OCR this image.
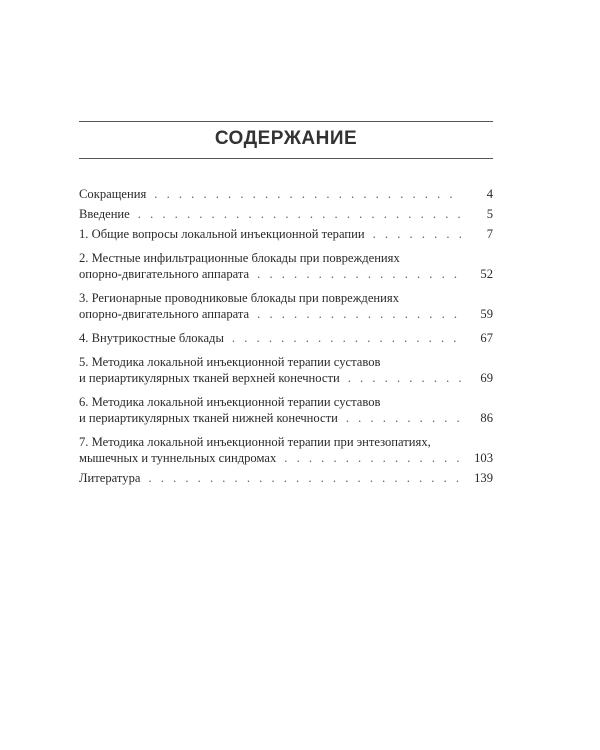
СОДЕРЖАНИЕ
Сокращения . . .	4
Введение . . .	5
1. Общие вопросы локальной инъекционной терапии . . .	7
2. Местные инфильтрационные блокады при повреждениях
опорно-двигательного аппарата . . .	52
3. Регионарные проводниковые блокады при повреждениях
опорно-двигательного аппарата . . .	59
4. Внутрикостные блокады . . .	67
5. Методика локальной инъекционной терапии суставов
и периартикулярных тканей верхней конечности . . .	69
6. Методика локальной инъекционной терапии суставов
и периартикулярных тканей нижней конечности . . .	86
7. Методика локальной инъекционной терапии при энтезопатиях,
мышечных и туннельных синдромах . . .	103
Литература . . .	139
